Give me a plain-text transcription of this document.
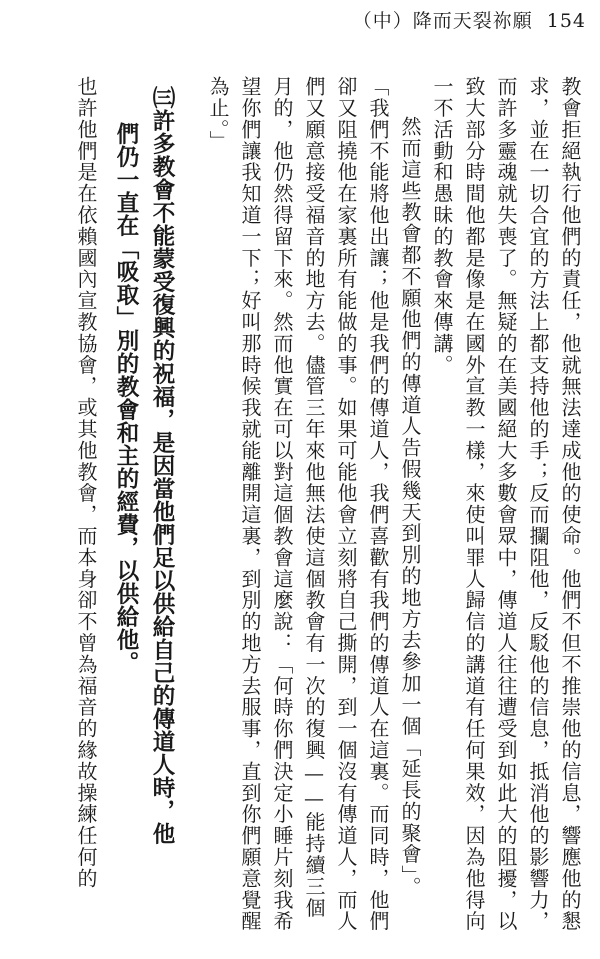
（中）降而天裂祢願 154

教會拒絕執行他們的責任，他就無法達成他的使命。他們不但不推崇他的信息，響應他的懇求，並在一切合宜的方法上都支持他的手；反而攔阻他，反駁他的信息，抵消他的影響力，而許多靈魂就失喪了。無疑的在美國絕大多數會眾中，傳道人往往遭受到如此大的阻擾，以致大部分時間他都是像是在國外宣教一樣，來使叫罪人歸信的講道有任何果效，因為他得向一不活動和愚昧的教會來傳講。

然而這些教會都不願他們的傳道人告假幾天到別的地方去參加一個「延長的聚會」。

「我們不能將他出讓；他是我們的傳道人，我們喜歡有我們的傳道人在這裏。而同時，他們卻又阻撓他在家裏所有能做的事。如果可能他會立刻將自己撕開，到一個沒有傳道人，而人們又願意接受福音的地方去。儘管三年來他無法使這個教會有一次的復興——能持續三個月的，他仍然得留下來。然而他實在可以對這個教會這麼說：「何時你們決定小睡片刻我希望你們讓我知道一下；好叫那時候我就能離開這裏，到別的地方去服事，直到你們願意覺醒為止。」

㈢許多教會不能蒙受復興的祝福，是因當他們足以供給自己的傳道人時，他
們仍一直在「吸取」別的教會和主的經費，以供給他。

也許他們是在依賴國內宣教協會，或其他教會，而本身卻不曾為福音的緣故操練任何的
